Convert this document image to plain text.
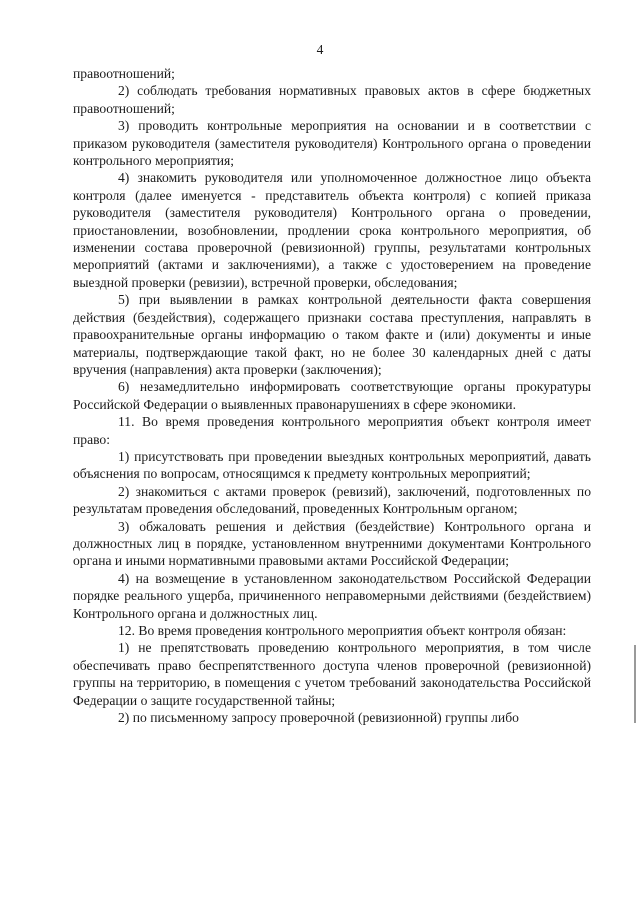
4

правоотношений;

2) соблюдать требования нормативных правовых актов в сфере бюджетных правоотношений;

3) проводить контрольные мероприятия на основании и в соответствии с приказом руководителя (заместителя руководителя) Контрольного органа о проведении контрольного мероприятия;

4) знакомить руководителя или уполномоченное должностное лицо объекта контроля (далее именуется - представитель объекта контроля) с копией приказа руководителя (заместителя руководителя) Контрольного органа о проведении, приостановлении, возобновлении, продлении срока контрольного мероприятия, об изменении состава проверочной (ревизионной) группы, результатами контрольных мероприятий (актами и заключениями), а также с удостоверением на проведение выездной проверки (ревизии), встречной проверки, обследования;

5) при выявлении в рамках контрольной деятельности факта совершения действия (бездействия), содержащего признаки состава преступления, направлять в правоохранительные органы информацию о таком факте и (или) документы и иные материалы, подтверждающие такой факт, но не более 30 календарных дней с даты вручения (направления) акта проверки (заключения);

6) незамедлительно информировать соответствующие органы прокуратуры Российской Федерации о выявленных правонарушениях в сфере экономики.

11. Во время проведения контрольного мероприятия объект контроля имеет право:

1) присутствовать при проведении выездных контрольных мероприятий, давать объяснения по вопросам, относящимся к предмету контрольных мероприятий;

2) знакомиться с актами проверок (ревизий), заключений, подготовленных по результатам проведения обследований, проведенных Контрольным органом;

3) обжаловать решения и действия (бездействие) Контрольного органа и должностных лиц в порядке, установленном внутренними документами Контрольного органа и иными нормативными правовыми актами Российской Федерации;

4) на возмещение в установленном законодательством Российской Федерации порядке реального ущерба, причиненного неправомерными действиями (бездействием) Контрольного органа и должностных лиц.

12. Во время проведения контрольного мероприятия объект контроля обязан:

1) не препятствовать проведению контрольного мероприятия, в том числе обеспечивать право беспрепятственного доступа членов проверочной (ревизионной) группы на территорию, в помещения с учетом требований законодательства Российской Федерации о защите государственной тайны;

2) по письменному запросу проверочной (ревизионной) группы либо
